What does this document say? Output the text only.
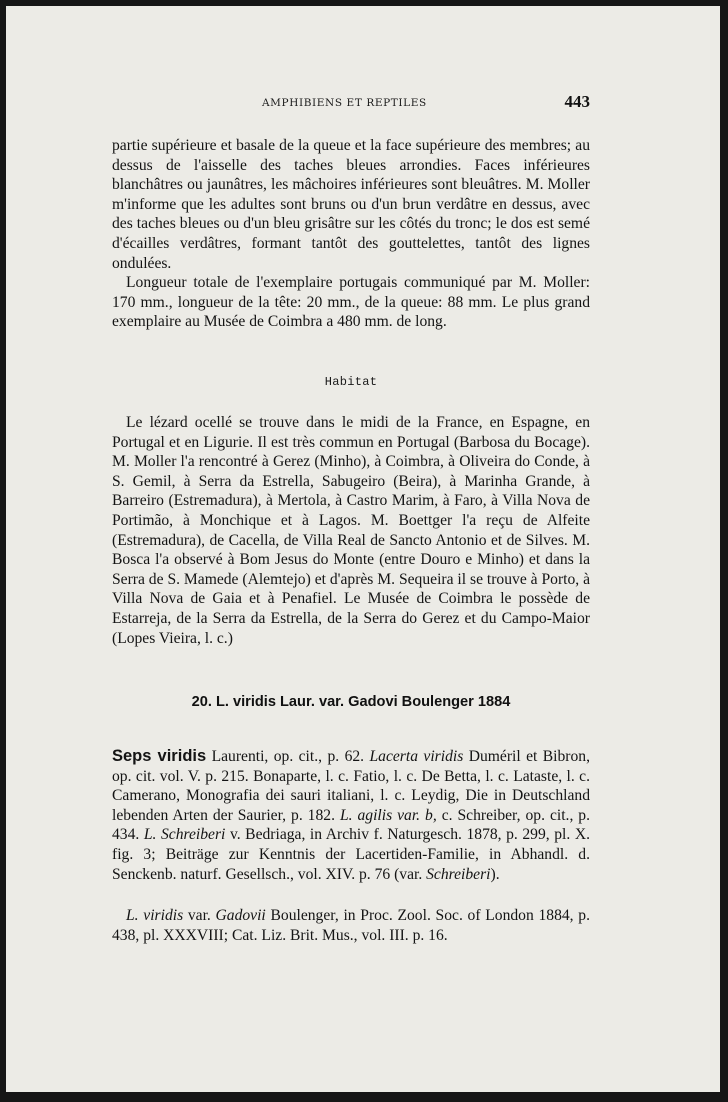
AMPHIBIENS ET REPTILES	443

partie supérieure et basale de la queue et la face supérieure des membres; au dessus de l'aisselle des taches bleues arrondies. Faces inférieures blanchâtres ou jaunâtres, les mâchoires inférieures sont bleuâtres. M. Moller m'informe que les adultes sont bruns ou d'un brun verdâtre en dessus, avec des taches bleues ou d'un bleu grisâtre sur les côtés du tronc; le dos est semé d'écailles verdâtres, formant tantôt des gouttelettes, tantôt des lignes ondulées.

Longueur totale de l'exemplaire portugais communiqué par M. Moller: 170 mm., longueur de la tête: 20 mm., de la queue: 88 mm. Le plus grand exemplaire au Musée de Coimbra a 480 mm. de long.

Habitat

Le lézard ocellé se trouve dans le midi de la France, en Espagne, en Portugal et en Ligurie. Il est très commun en Portugal (Barbosa du Bocage). M. Moller l'a rencontré à Gerez (Minho), à Coimbra, à Oliveira do Conde, à S. Gemil, à Serra da Estrella, Sabugeiro (Beira), à Marinha Grande, à Barreiro (Estremadura), à Mertola, à Castro Marim, à Faro, à Villa Nova de Portimão, à Monchique et à Lagos. M. Boettger l'a reçu de Alfeite (Estremadura), de Cacella, de Villa Real de Sancto Antonio et de Silves. M. Bosca l'a observé à Bom Jesus do Monte (entre Douro e Minho) et dans la Serra de S. Mamede (Alemtejo) et d'après M. Sequeira il se trouve à Porto, à Villa Nova de Gaia et à Penafiel. Le Musée de Coimbra le possède de Estarreja, de la Serra da Estrella, de la Serra do Gerez et du Campo-Maior (Lopes Vieira, l. c.)

20. L. viridis Laur. var. Gadovi Boulenger 1884

Seps viridis Laurenti, op. cit., p. 62. Lacerta viridis Duméril et Bibron, op. cit. vol. V. p. 215. Bonaparte, l. c. Fatio, l. c. De Betta, l. c. Lataste, l. c. Camerano, Monografia dei sauri italiani, l. c. Leydig, Die in Deutschland lebenden Arten der Saurier, p. 182. L. agilis var. b, c. Schreiber, op. cit., p. 434. L. Schreiberi v. Bedriaga, in Archiv f. Naturgesch. 1878, p. 299, pl. X. fig. 3; Beiträge zur Kenntnis der Lacertiden-Familie, in Abhandl. d. Senckenb. naturf. Gesellsch., vol. XIV. p. 76 (var. Schreiberi).

L. viridis var. Gadovii Boulenger, in Proc. Zool. Soc. of London 1884, p. 438, pl. XXXVIII; Cat. Liz. Brit. Mus., vol. III. p. 16.
